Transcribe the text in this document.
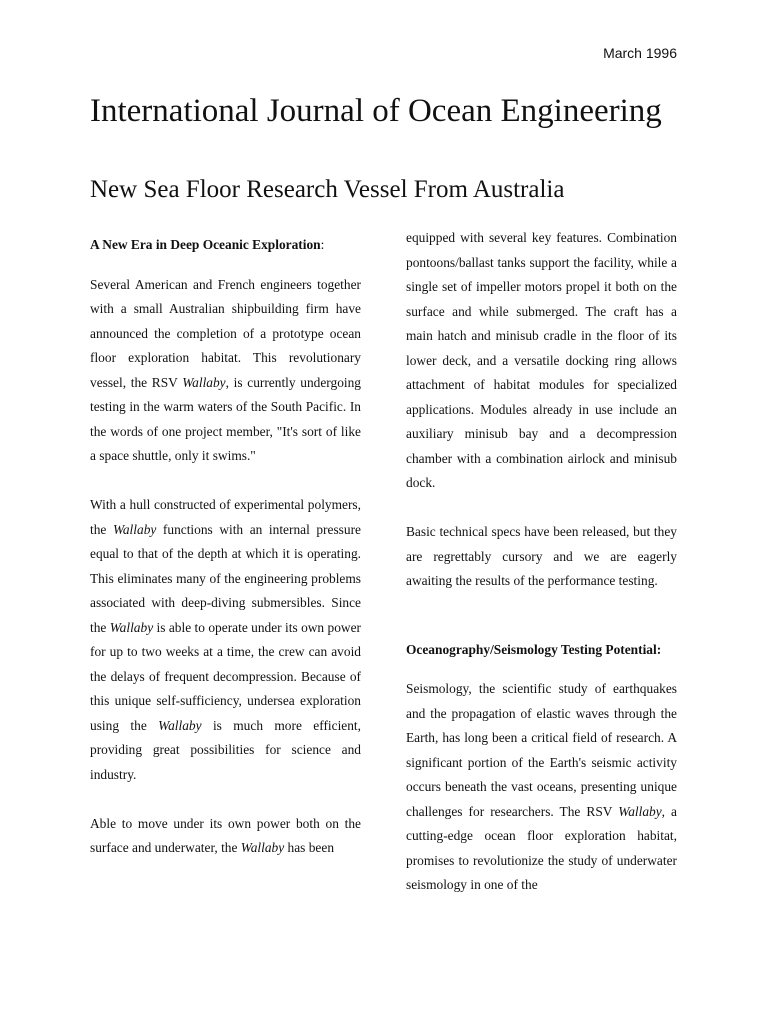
March 1996
International Journal of Ocean Engineering
New Sea Floor Research Vessel From Australia

A New Era in Deep Oceanic Exploration:

Several American and French engineers together with a small Australian shipbuilding firm have announced the completion of a prototype ocean floor exploration habitat. This revolutionary vessel, the RSV Wallaby, is currently undergoing testing in the warm waters of the South Pacific. In the words of one project member, "It's sort of like a space shuttle, only it swims."

With a hull constructed of experimental polymers, the Wallaby functions with an internal pressure equal to that of the depth at which it is operating. This eliminates many of the engineering problems associated with deep-diving submersibles. Since the Wallaby is able to operate under its own power for up to two weeks at a time, the crew can avoid the delays of frequent decompression. Because of this unique self-sufficiency, undersea exploration using the Wallaby is much more efficient, providing great possibilities for science and industry.

Able to move under its own power both on the surface and underwater, the Wallaby has been

equipped with several key features. Combination pontoons/ballast tanks support the facility, while a single set of impeller motors propel it both on the surface and while submerged. The craft has a main hatch and minisub cradle in the floor of its lower deck, and a versatile docking ring allows attachment of habitat modules for specialized applications. Modules already in use include an auxiliary minisub bay and a decompression chamber with a combination airlock and minisub dock.

Basic technical specs have been released, but they are regrettably cursory and we are eagerly awaiting the results of the performance testing.

Oceanography/Seismology Testing Potential:

Seismology, the scientific study of earthquakes and the propagation of elastic waves through the Earth, has long been a critical field of research. A significant portion of the Earth's seismic activity occurs beneath the vast oceans, presenting unique challenges for researchers. The RSV Wallaby, a cutting-edge ocean floor exploration habitat, promises to revolutionize the study of underwater seismology in one of the
